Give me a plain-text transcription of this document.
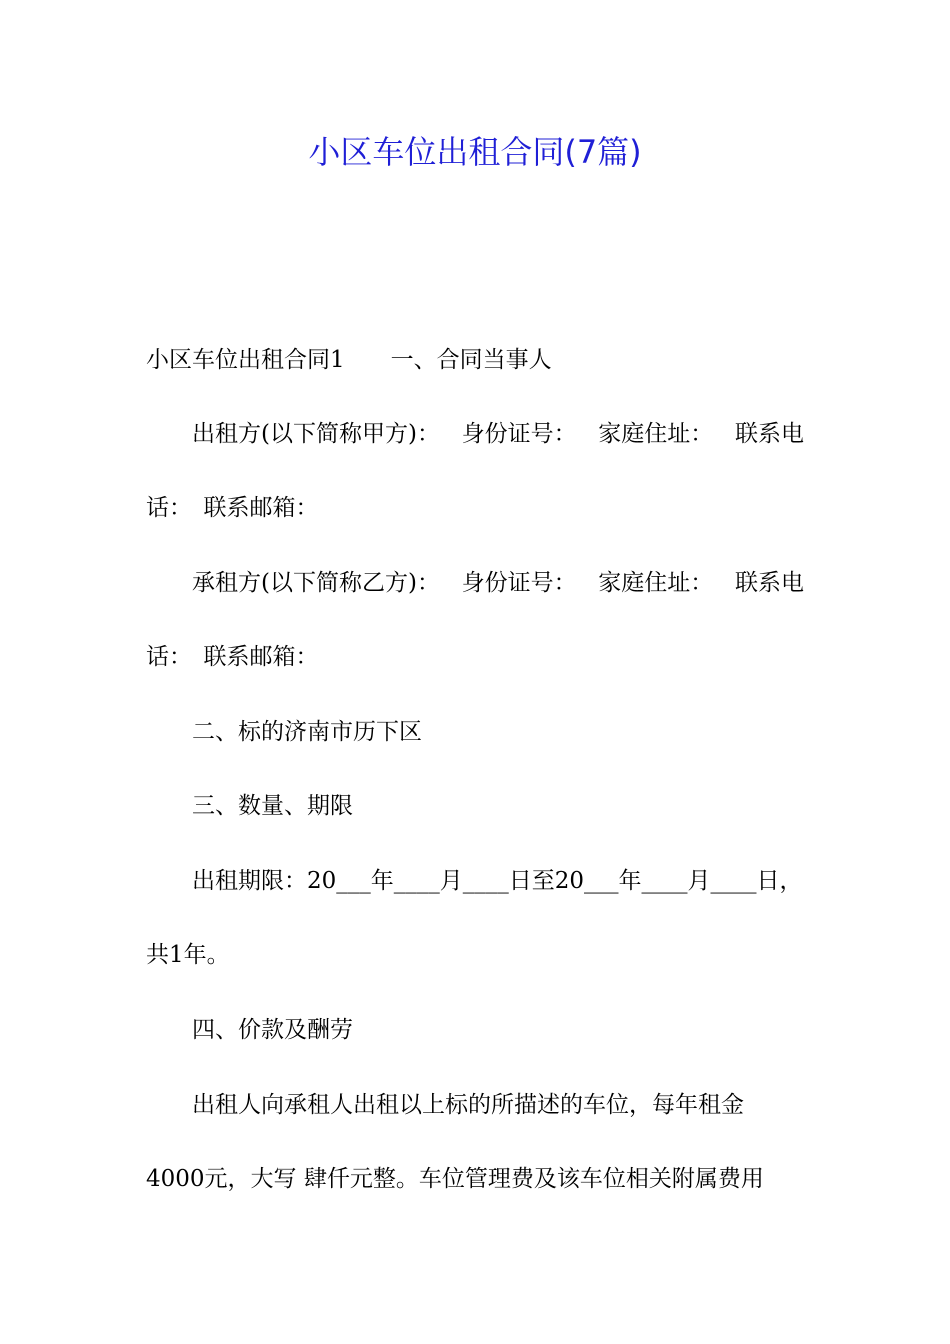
小区车位出租合同(7篇)
小区车位出租合同1　　一、合同当事人
出租方(以下简称甲方)： 身份证号： 家庭住址： 联系电
话：　联系邮箱：
承租方(以下简称乙方)： 身份证号： 家庭住址： 联系电
话：　联系邮箱：
二、标的济南市历下区
三、数量、期限
出租期限：20___年____月____日至20___年____月____日，
共1年。
四、价款及酬劳
出租人向承租人出租以上标的所描述的车位，每年租金
4000元，大写 肆仟元整。车位管理费及该车位相关附属费用
